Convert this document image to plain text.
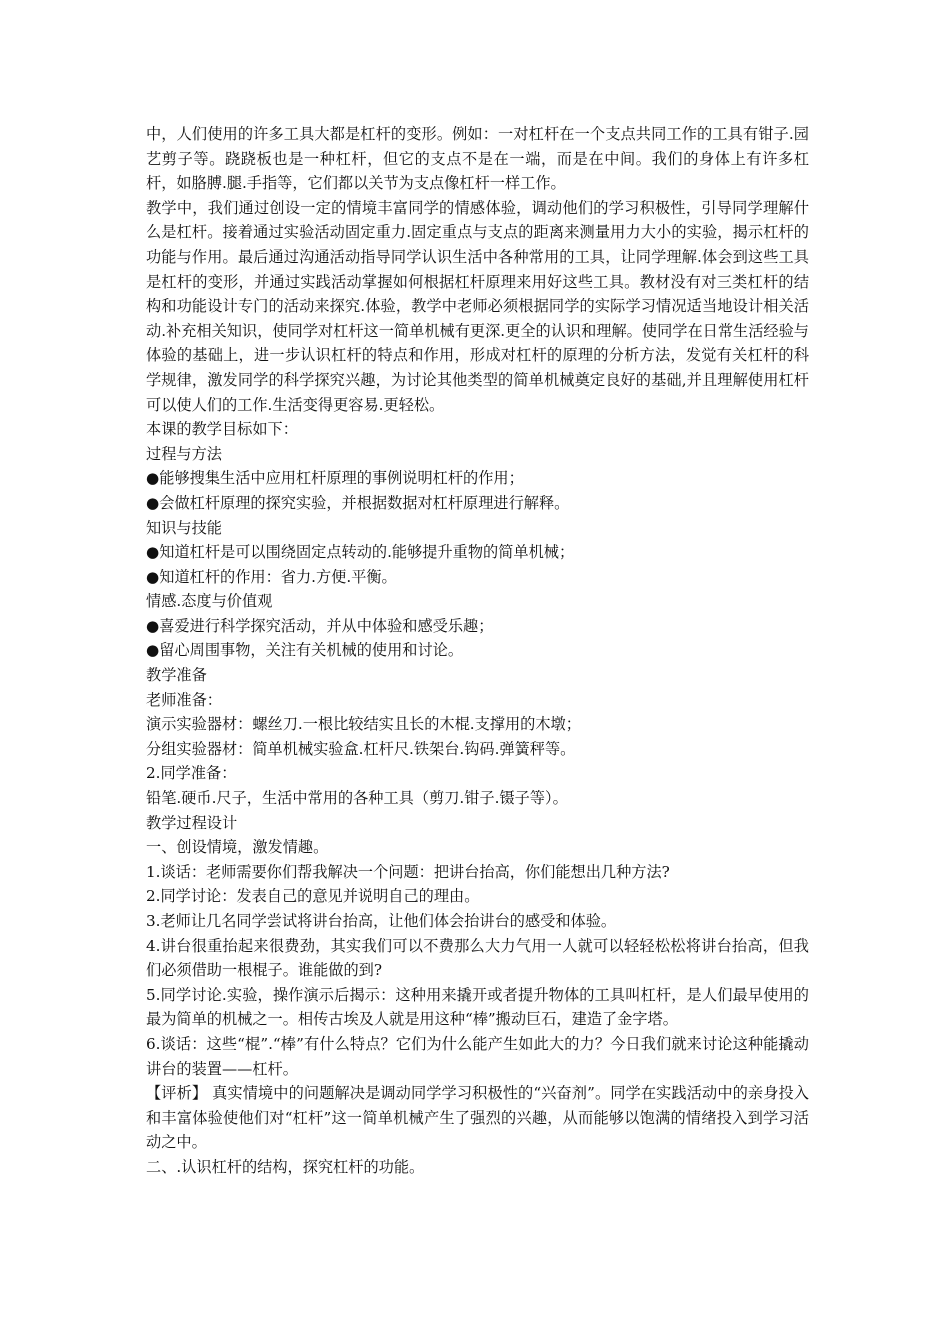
中，人们使用的许多工具大都是杠杆的变形。例如：一对杠杆在一个支点共同工作的工具有钳子.园艺剪子等。跷跷板也是一种杠杆，但它的支点不是在一端，而是在中间。我们的身体上有许多杠杆，如胳膊.腿.手指等，它们都以关节为支点像杠杆一样工作。

教学中，我们通过创设一定的情境丰富同学的情感体验，调动他们的学习积极性，引导同学理解什么是杠杆。接着通过实验活动固定重力.固定重点与支点的距离来测量用力大小的实验，揭示杠杆的功能与作用。最后通过沟通活动指导同学认识生活中各种常用的工具，让同学理解.体会到这些工具是杠杆的变形，并通过实践活动掌握如何根据杠杆原理来用好这些工具。教材没有对三类杠杆的结构和功能设计专门的活动来探究.体验，教学中老师必须根据同学的实际学习情况适当地设计相关活动.补充相关知识，使同学对杠杆这一简单机械有更深.更全的认识和理解。使同学在日常生活经验与体验的基础上，进一步认识杠杆的特点和作用，形成对杠杆的原理的分析方法，发觉有关杠杆的科学规律，激发同学的科学探究兴趣，为讨论其他类型的简单机械奠定良好的基础,并且理解使用杠杆可以使人们的工作.生活变得更容易.更轻松。

本课的教学目标如下：

过程与方法

●能够搜集生活中应用杠杆原理的事例说明杠杆的作用；

●会做杠杆原理的探究实验，并根据数据对杠杆原理进行解释。

知识与技能

●知道杠杆是可以围绕固定点转动的.能够提升重物的简单机械；

●知道杠杆的作用：省力.方便.平衡。

情感.态度与价值观

●喜爱进行科学探究活动，并从中体验和感受乐趣；

●留心周围事物，关注有关机械的使用和讨论。

教学准备

老师准备：

演示实验器材：螺丝刀.一根比较结实且长的木棍.支撑用的木墩；

分组实验器材：简单机械实验盒.杠杆尺.铁架台.钩码.弹簧秤等。

2.同学准备：

铅笔.硬币.尺子，生活中常用的各种工具（剪刀.钳子.镊子等）。

教学过程设计

一、创设情境，激发情趣。

1.谈话：老师需要你们帮我解决一个问题：把讲台抬高，你们能想出几种方法?

2.同学讨论：发表自己的意见并说明自己的理由。

3.老师让几名同学尝试将讲台抬高，让他们体会抬讲台的感受和体验。

4.讲台很重抬起来很费劲，其实我们可以不费那么大力气用一人就可以轻轻松松将讲台抬高，但我们必须借助一根棍子。谁能做的到?

5.同学讨论.实验，操作演示后揭示：这种用来撬开或者提升物体的工具叫杠杆，是人们最早使用的最为简单的机械之一。相传古埃及人就是用这种“棒”搬动巨石，建造了金字塔。

6.谈话：这些“棍”.“棒”有什么特点？它们为什么能产生如此大的力？今日我们就来讨论这种能撬动讲台的装置——杠杆。

【评析】 真实情境中的问题解决是调动同学学习积极性的“兴奋剂”。同学在实践活动中的亲身投入和丰富体验使他们对“杠杆”这一简单机械产生了强烈的兴趣，从而能够以饱满的情绪投入到学习活动之中。

二、.认识杠杆的结构，探究杠杆的功能。
